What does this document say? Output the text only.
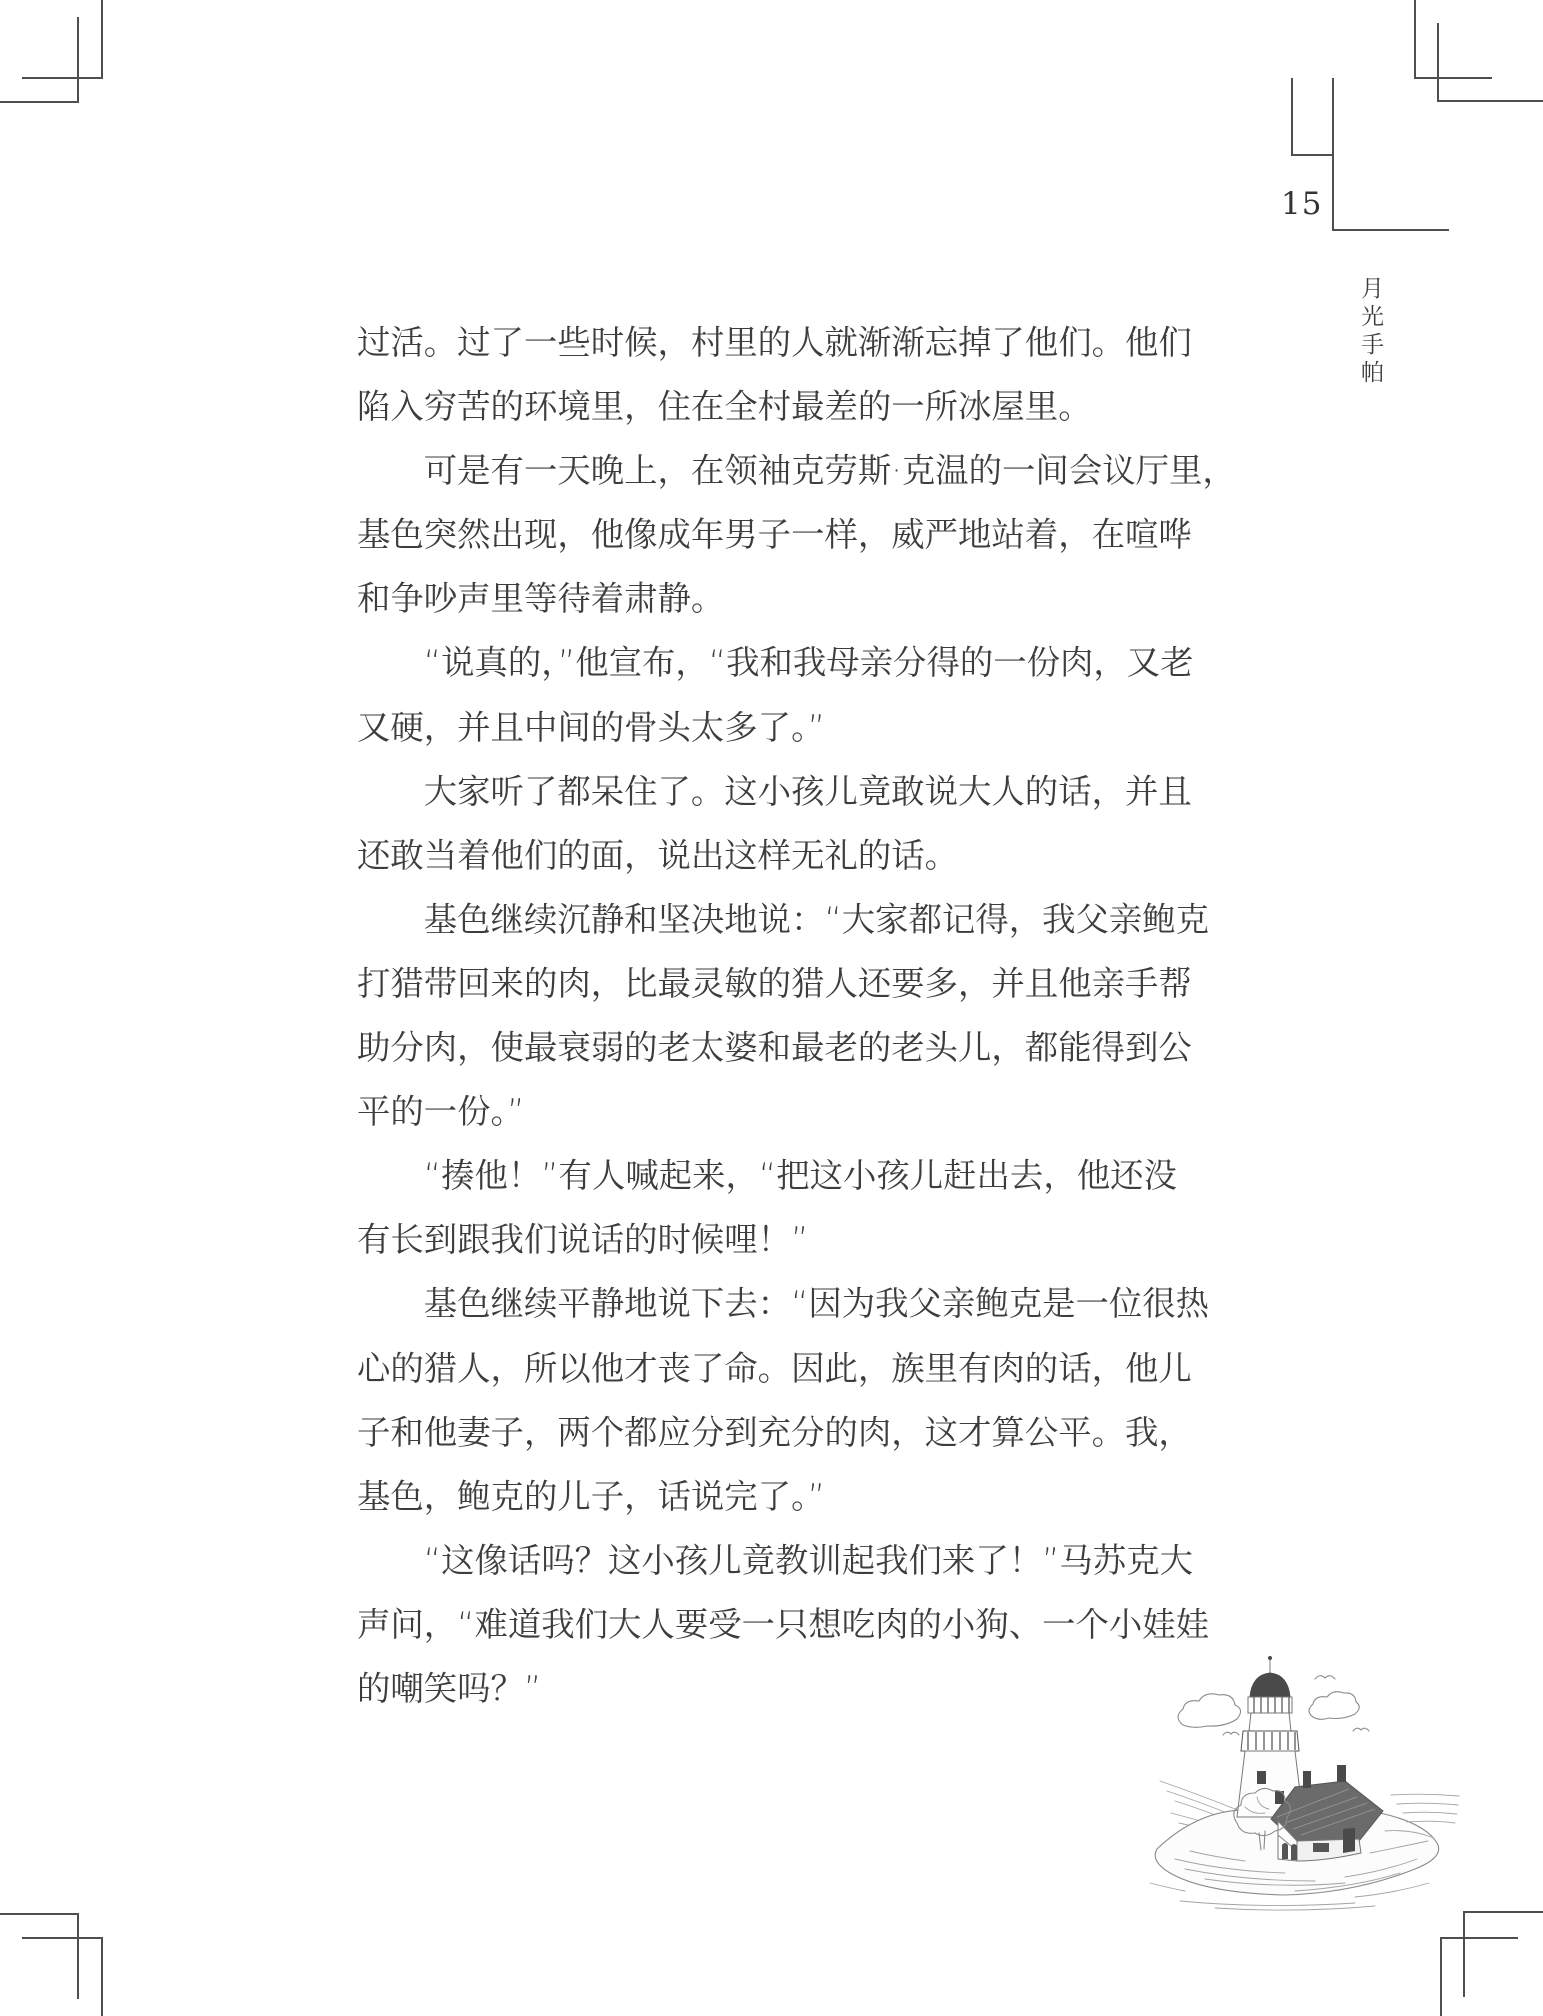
15
月光手帕
过活。过了一些时候，村里的人就渐渐忘掉了他们。他们
陷入穷苦的环境里，住在全村最差的一所冰屋里。
　　可是有一天晚上，在领袖克劳斯·克温的一间会议厅里，
基色突然出现，他像成年男子一样，威严地站着，在喧哗
和争吵声里等待着肃静。
　　“说真的，”他宣布，“我和我母亲分得的一份肉，又老
又硬，并且中间的骨头太多了。”
　　大家听了都呆住了。这小孩儿竟敢说大人的话，并且
还敢当着他们的面，说出这样无礼的话。
　　基色继续沉静和坚决地说：“大家都记得，我父亲鲍克
打猎带回来的肉，比最灵敏的猎人还要多，并且他亲手帮
助分肉，使最衰弱的老太婆和最老的老头儿，都能得到公
平的一份。”
　　“揍他！”有人喊起来，“把这小孩儿赶出去，他还没
有长到跟我们说话的时候哩！”
　　基色继续平静地说下去：“因为我父亲鲍克是一位很热
心的猎人，所以他才丧了命。因此，族里有肉的话，他儿
子和他妻子，两个都应分到充分的肉，这才算公平。我，
基色，鲍克的儿子，话说完了。”
　　“这像话吗？这小孩儿竟教训起我们来了！”马苏克大
声问，“难道我们大人要受一只想吃肉的小狗、一个小娃娃
的嘲笑吗？”
